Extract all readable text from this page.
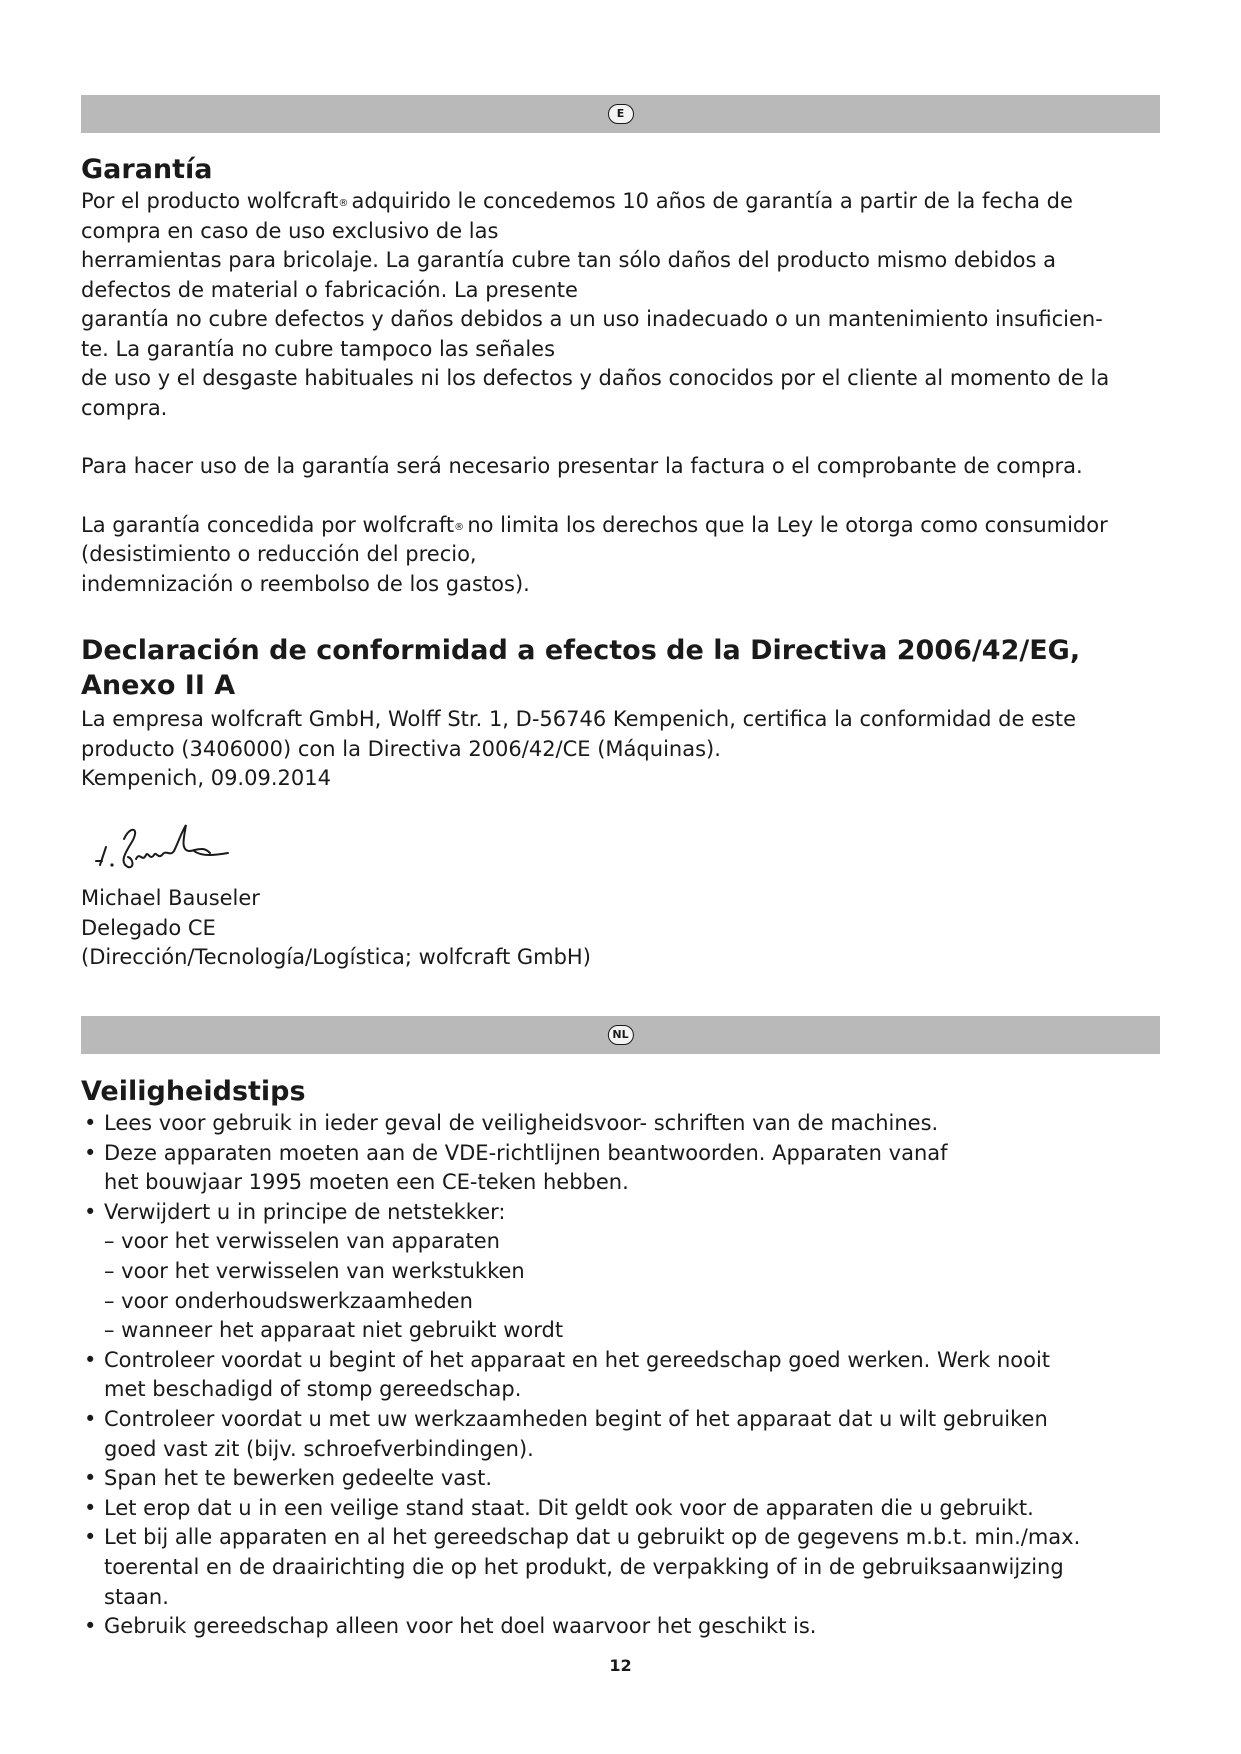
E
Garantía

Por el producto wolfcraft® adquirido le concedemos 10 años de garantía a partir de la fecha de
compra en caso de uso exclusivo de las
herramientas para bricolaje. La garantía cubre tan sólo daños del producto mismo debidos a
defectos de material o fabricación. La presente
garantía no cubre defectos y daños debidos a un uso inadecuado o un mantenimiento insuficien-
te. La garantía no cubre tampoco las señales
de uso y el desgaste habituales ni los defectos y daños conocidos por el cliente al momento de la
compra.

Para hacer uso de la garantía será necesario presentar la factura o el comprobante de compra.

La garantía concedida por wolfcraft® no limita los derechos que la Ley le otorga como consumidor
(desistimiento o reducción del precio,
indemnización o reembolso de los gastos).

Declaración de conformidad a efectos de la Directiva 2006/42/EG,
Anexo II A

La empresa wolfcraft GmbH, Wolff Str. 1, D-56746 Kempenich, certifica la conformidad de este
producto (3406000) con la Directiva 2006/42/CE (Máquinas).
Kempenich, 09.09.2014

Michael Bauseler
Delegado CE
(Dirección/Tecnología/Logística; wolfcraft GmbH)

NL
Veiligheidstips
• Lees voor gebruik in ieder geval de veiligheidsvoor- schriften van de machines.
• Deze apparaten moeten aan de VDE-richtlijnen beantwoorden. Apparaten vanaf
het bouwjaar 1995 moeten een CE-teken hebben.
• Verwijdert u in principe de netstekker:
– voor het verwisselen van apparaten
– voor het verwisselen van werkstukken
– voor onderhoudswerkzaamheden
– wanneer het apparaat niet gebruikt wordt
• Controleer voordat u begint of het apparaat en het gereedschap goed werken. Werk nooit
met beschadigd of stomp gereedschap.
• Controleer voordat u met uw werkzaamheden begint of het apparaat dat u wilt gebruiken
goed vast zit (bijv. schroefverbindingen).
• Span het te bewerken gedeelte vast.
• Let erop dat u in een veilige stand staat. Dit geldt ook voor de apparaten die u gebruikt.
• Let bij alle apparaten en al het gereedschap dat u gebruikt op de gegevens m.b.t. min./max.
toerental en de draairichting die op het produkt, de verpakking of in de gebruiksaanwijzing
staan.
• Gebruik gereedschap alleen voor het doel waarvoor het geschikt is.
12
